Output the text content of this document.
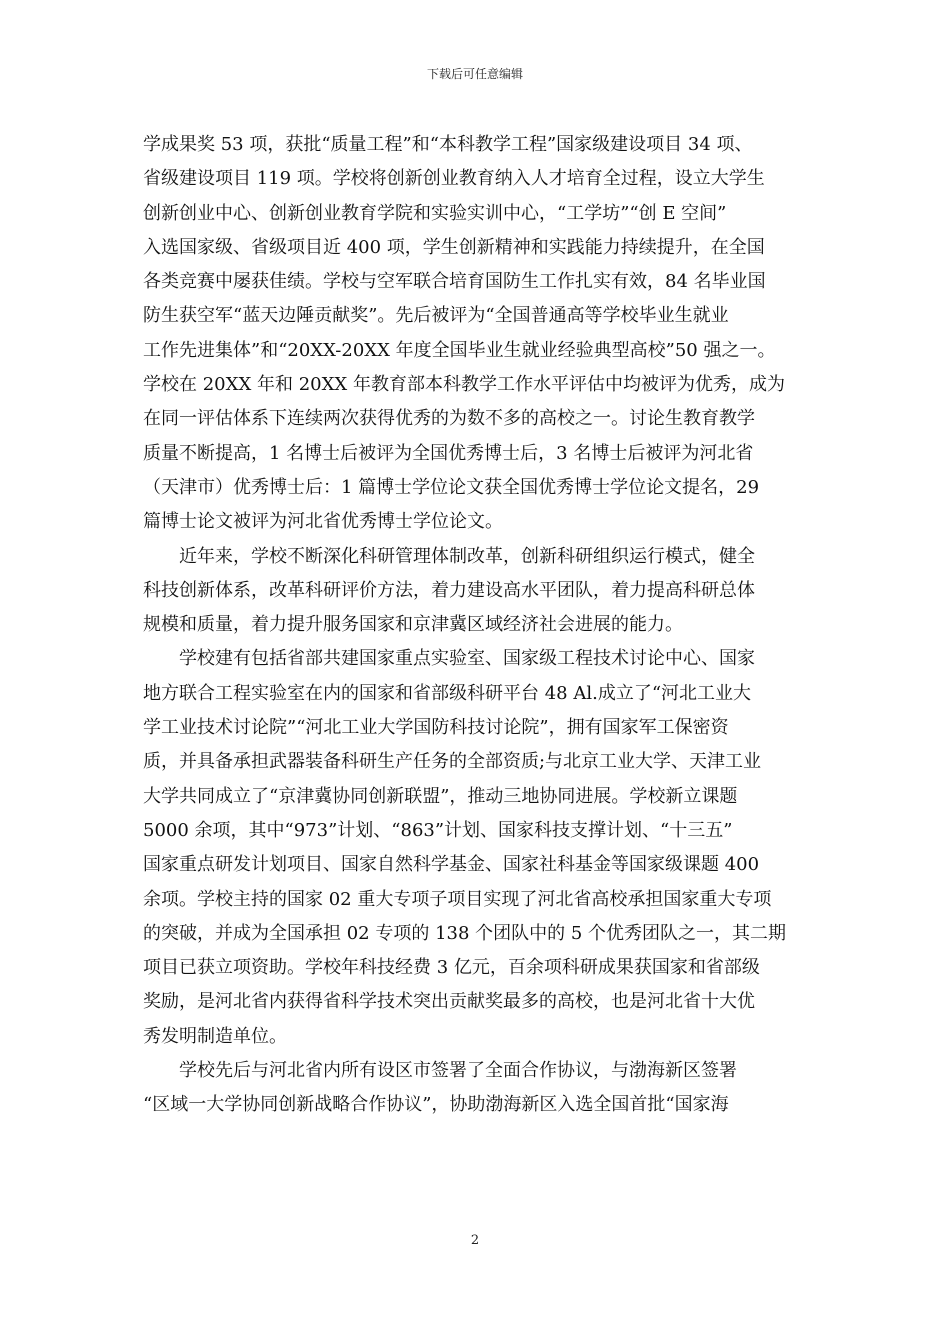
下载后可任意编辑

学成果奖 53 项，获批“质量工程”和“本科教学工程”国家级建设项目 34 项、
省级建设项目 119 项。学校将创新创业教育纳入人才培育全过程，设立大学生
创新创业中心、创新创业教育学院和实验实训中心，“工学坊”“创 E 空间”
入选国家级、省级项目近 400 项，学生创新精神和实践能力持续提升，在全国
各类竞赛中屡获佳绩。学校与空军联合培育国防生工作扎实有效，84 名毕业国
防生获空军“蓝天边陲贡献奖”。先后被评为“全国普通高等学校毕业生就业
工作先进集体”和“20XX-20XX 年度全国毕业生就业经验典型高校”50 强之一。
学校在 20XX 年和 20XX 年教育部本科教学工作水平评估中均被评为优秀，成为
在同一评估体系下连续两次获得优秀的为数不多的高校之一。讨论生教育教学
质量不断提高，1 名博士后被评为全国优秀博士后，3 名博士后被评为河北省
（天津市）优秀博士后：1 篇博士学位论文获全国优秀博士学位论文提名，29
篇博士论文被评为河北省优秀博士学位论文。

　　近年来，学校不断深化科研管理体制改革，创新科研组织运行模式，健全
科技创新体系，改革科研评价方法，着力建设高水平团队，着力提高科研总体
规模和质量，着力提升服务国家和京津冀区域经济社会进展的能力。

　　学校建有包括省部共建国家重点实验室、国家级工程技术讨论中心、国家
地方联合工程实验室在内的国家和省部级科研平台 48 Al.成立了“河北工业大
学工业技术讨论院”“河北工业大学国防科技讨论院”，拥有国家军工保密资
质，并具备承担武器装备科研生产任务的全部资质;与北京工业大学、天津工业
大学共同成立了“京津冀协同创新联盟”，推动三地协同进展。学校新立课题
5000 余项，其中“973”计划、“863”计划、国家科技支撑计划、“十三五”
国家重点研发计划项目、国家自然科学基金、国家社科基金等国家级课题 400
余项。学校主持的国家 02 重大专项子项目实现了河北省高校承担国家重大专项
的突破，并成为全国承担 02 专项的 138 个团队中的 5 个优秀团队之一，其二期
项目已获立项资助。学校年科技经费 3 亿元，百余项科研成果获国家和省部级
奖励，是河北省内获得省科学技术突出贡献奖最多的高校，也是河北省十大优
秀发明制造单位。

　　学校先后与河北省内所有设区市签署了全面合作协议，与渤海新区签署
“区域一大学协同创新战略合作协议”，协助渤海新区入选全国首批“国家海

2
